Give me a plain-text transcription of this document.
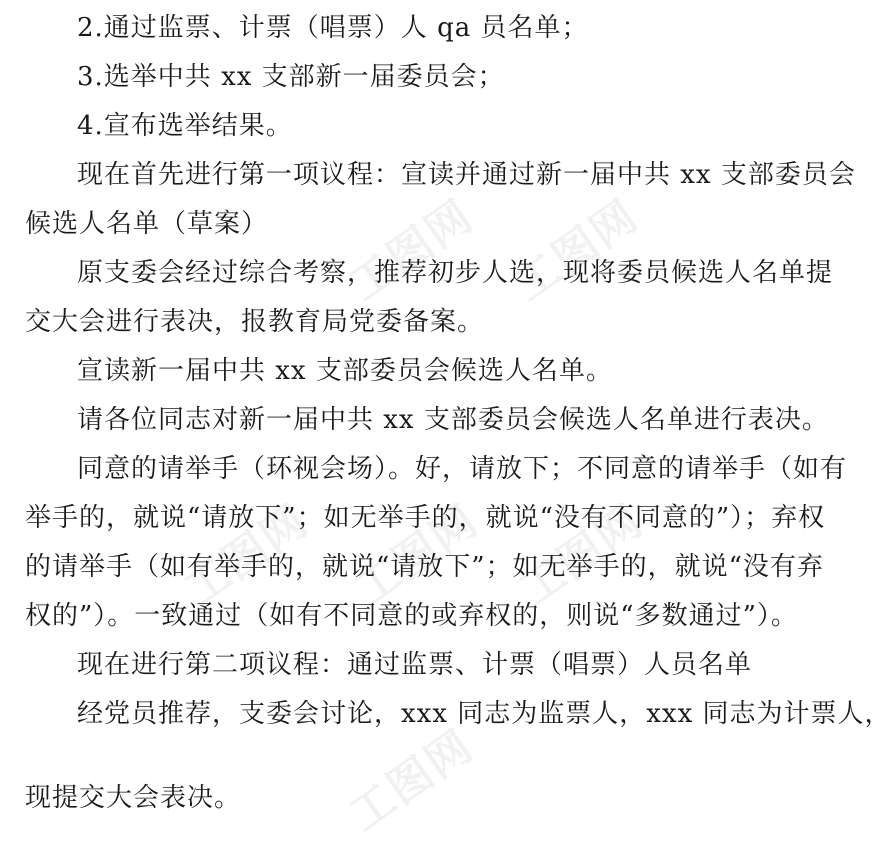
工图网 工图网
工图网 工图网 工图网
工图网
2.通过监票、计票（唱票）人 qa 员名单；
3.选举中共 xx 支部新一届委员会；
4.宣布选举结果。
现在首先进行第一项议程：宣读并通过新一届中共 xx 支部委员会
候选人名单（草案）
原支委会经过综合考察，推荐初步人选，现将委员候选人名单提
交大会进行表决，报教育局党委备案。
宣读新一届中共 xx 支部委员会候选人名单。
请各位同志对新一届中共 xx 支部委员会候选人名单进行表决。
同意的请举手（环视会场）。好，请放下；不同意的请举手（如有
举手的，就说“请放下”；如无举手的，就说“没有不同意的”）；弃权
的请举手（如有举手的，就说“请放下”；如无举手的，就说“没有弃
权的”）。一致通过（如有不同意的或弃权的，则说“多数通过”）。
现在进行第二项议程：通过监票、计票（唱票）人员名单
经党员推荐，支委会讨论，xxx 同志为监票人，xxx 同志为计票人，
现提交大会表决。
